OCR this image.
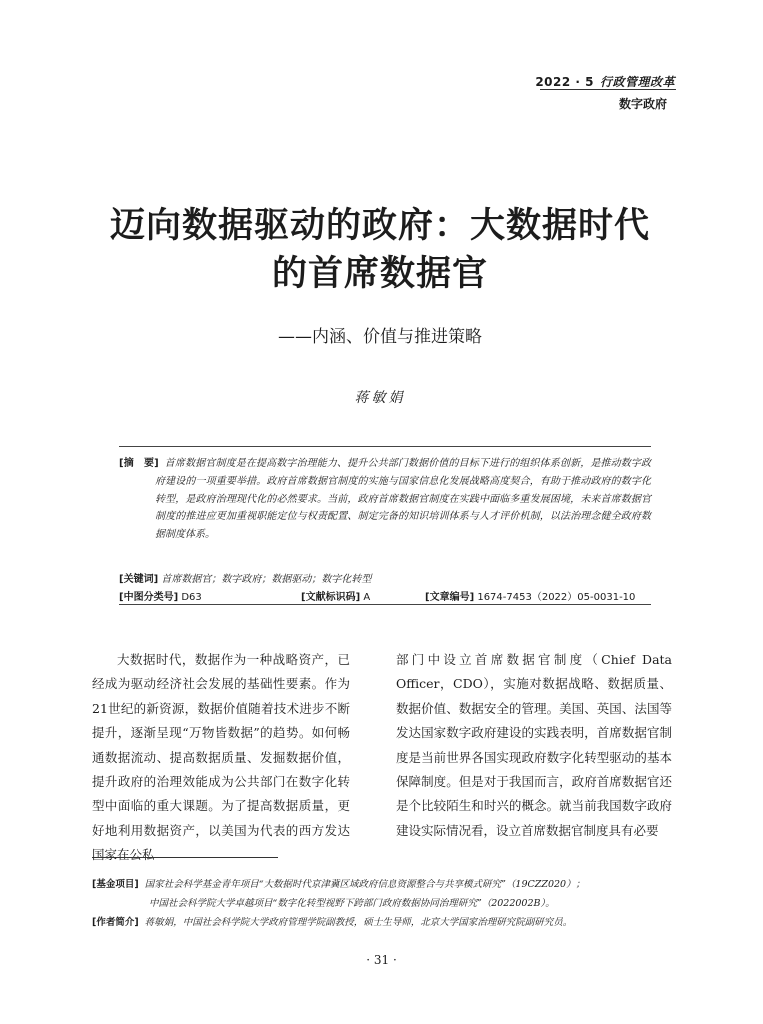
2022 · 5 行政管理改革
数字政府
迈向数据驱动的政府：大数据时代
的首席数据官
——内涵、价值与推进策略
蒋敏娟
[摘　要] 首席数据官制度是在提高数字治理能力、提升公共部门数据价值的目标下进行的组织体系创新，是推动数字政府建设的一项重要举措。政府首席数据官制度的实施与国家信息化发展战略高度契合，有助于推动政府的数字化转型，是政府治理现代化的必然要求。当前，政府首席数据官制度在实践中面临多重发展困境，未来首席数据官制度的推进应更加重视职能定位与权责配置、制定完备的知识培训体系与人才评价机制，以法治理念健全政府数据制度体系。
[关键词] 首席数据官；数字政府；数据驱动；数字化转型
[中图分类号] D63	[文献标识码] A	[文章编号] 1674-7453（2022）05-0031-10
大数据时代，数据作为一种战略资产，已经成为驱动经济社会发展的基础性要素。作为21世纪的新资源，数据价值随着技术进步不断提升，逐渐呈现“万物皆数据”的趋势。如何畅通数据流动、提高数据质量、发掘数据价值，提升政府的治理效能成为公共部门在数字化转型中面临的重大课题。为了提高数据质量，更好地利用数据资产，以美国为代表的西方发达国家在公私
部门中设立首席数据官制度（Chief Data Officer，CDO），实施对数据战略、数据质量、数据价值、数据安全的管理。美国、英国、法国等发达国家数字政府建设的实践表明，首席数据官制度是当前世界各国实现政府数字化转型驱动的基本保障制度。但是对于我国而言，政府首席数据官还是个比较陌生和时兴的概念。就当前我国数字政府建设实际情况看，设立首席数据官制度具有必要
[基金项目] 国家社会科学基金青年项目“大数据时代京津冀区域政府信息资源整合与共享模式研究”（19CZZ020）；
中国社会科学院大学卓越项目“数字化转型视野下跨部门政府数据协同治理研究”（2022002B）。
[作者简介] 蒋敏娟，中国社会科学院大学政府管理学院副教授，硕士生导师，北京大学国家治理研究院副研究员。
· 31 ·
